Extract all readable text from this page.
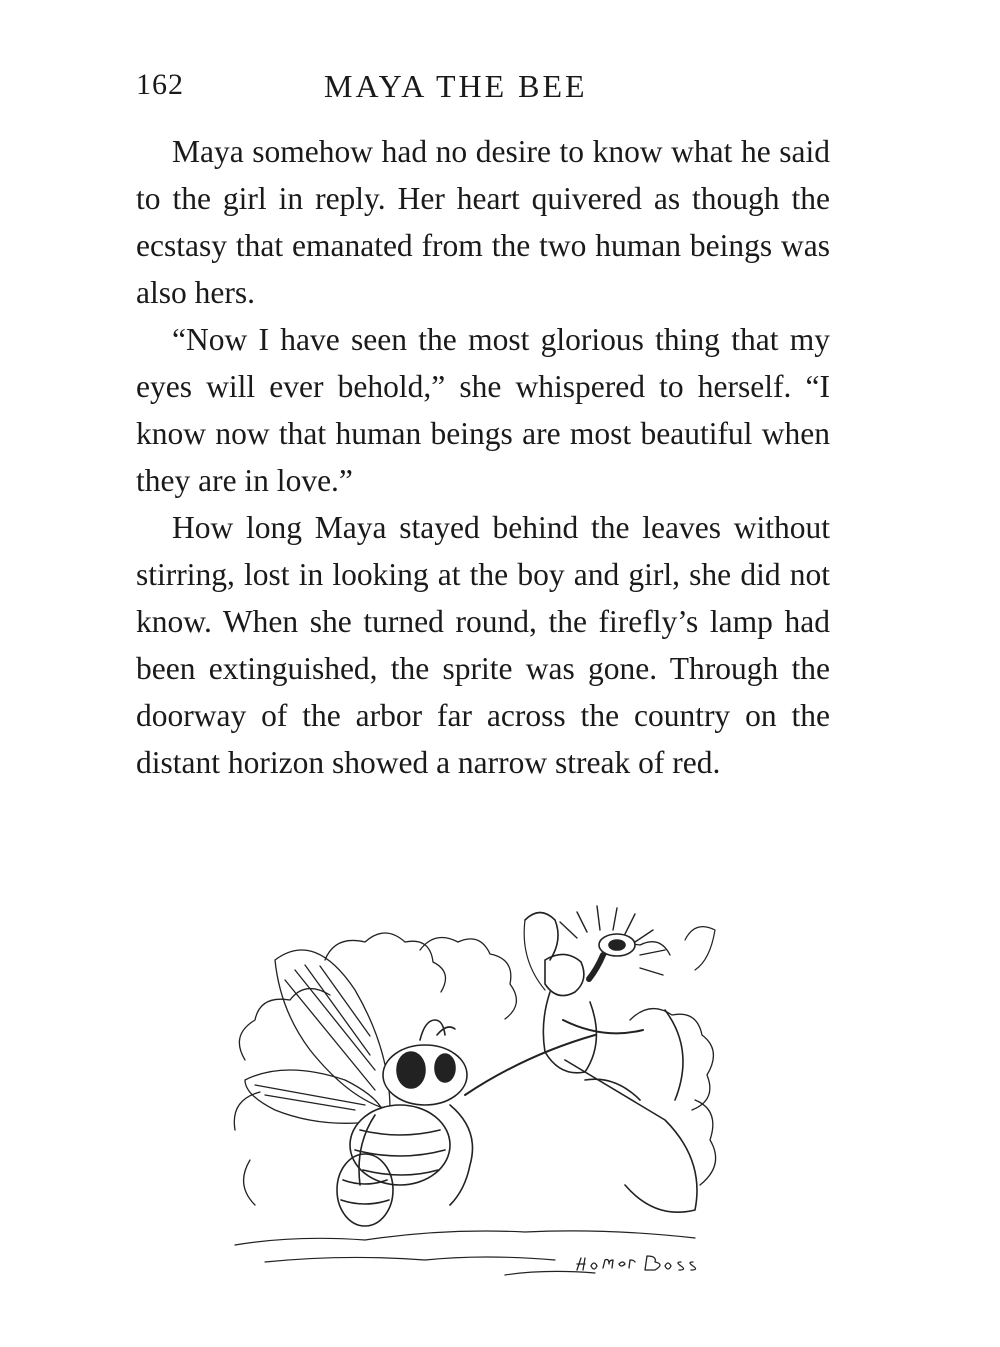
162	MAYA THE BEE

Maya somehow had no desire to know what he said to the girl in reply. Her heart quivered as though the ecstasy that emanated from the two human beings was also hers.

“Now I have seen the most glorious thing that my eyes will ever behold,” she whispered to herself. “I know now that human beings are most beautiful when they are in love.”

How long Maya stayed behind the leaves without stirring, lost in looking at the boy and girl, she did not know. When she turned round, the firefly’s lamp had been extinguished, the sprite was gone. Through the doorway of the arbor far across the country on the distant horizon showed a narrow streak of red.
